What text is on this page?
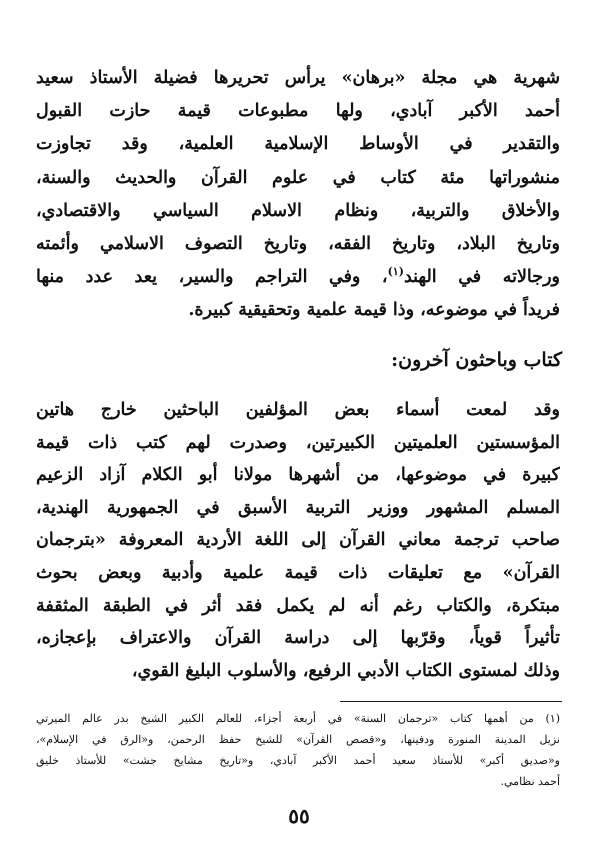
شهرية هي مجلة «برهان» يرأس تحريرها فضيلة الأستاذ سعيد
أحمد الأكبر آبادي، ولها مطبوعات قيمة حازت القبول
والتقدير في الأوساط الإسلامية العلمية، وقد تجاوزت
منشوراتها مئة كتاب في علوم القرآن والحديث والسنة،
والأخلاق والتربية، ونظام الاسلام السياسي والاقتصادي،
وتاريخ البلاد، وتاريخ الفقه، وتاريخ التصوف الاسلامي وأئمته
ورجالاته في الهند$^{(١)}$، وفي التراجم والسير، يعد عدد منها
فريداً في موضوعه، وذا قيمة علمية وتحقيقية كبيرة.
كتاب وباحثون آخرون:
وقد لمعت أسماء بعض المؤلفين الباحثين خارج هاتين
المؤسستين العلميتين الكبيرتين، وصدرت لهم كتب ذات قيمة
كبيرة في موضوعها، من أشهرها مولانا أبو الكلام آزاد الزعيم
المسلم المشهور ووزير التربية الأسبق في الجمهورية الهندية،
صاحب ترجمة معاني القرآن إلى اللغة الأردية المعروفة «بترجمان
القرآن» مع تعليقات ذات قيمة علمية وأدبية وبعض بحوث
مبتكرة، والكتاب رغم أنه لم يكمل فقد أثر في الطبقة المثقفة
تأثيراً قوياً، وقرّبها إلى دراسة القرآن والاعتراف بإعجازه،
وذلك لمستوى الكتاب الأدبي الرفيع، والأسلوب البليغ القوي،
(١) من أهمها كتاب «ترجمان السنة» في أربعة أجزاء، للعالم الكبير الشيخ بدر عالم الميرتي
نزيل المدينة المنورة ودفينها، و«قصص القرآن» للشيخ حفظ الرحمن، و«الرق في الإسلام»،
و«صديق أكبر» للأستاذ سعيد أحمد الأكبر آبادي، و«تاريخ مشايخ جشت» للأستاذ خليق
أحمد نظامي.
٥٥
